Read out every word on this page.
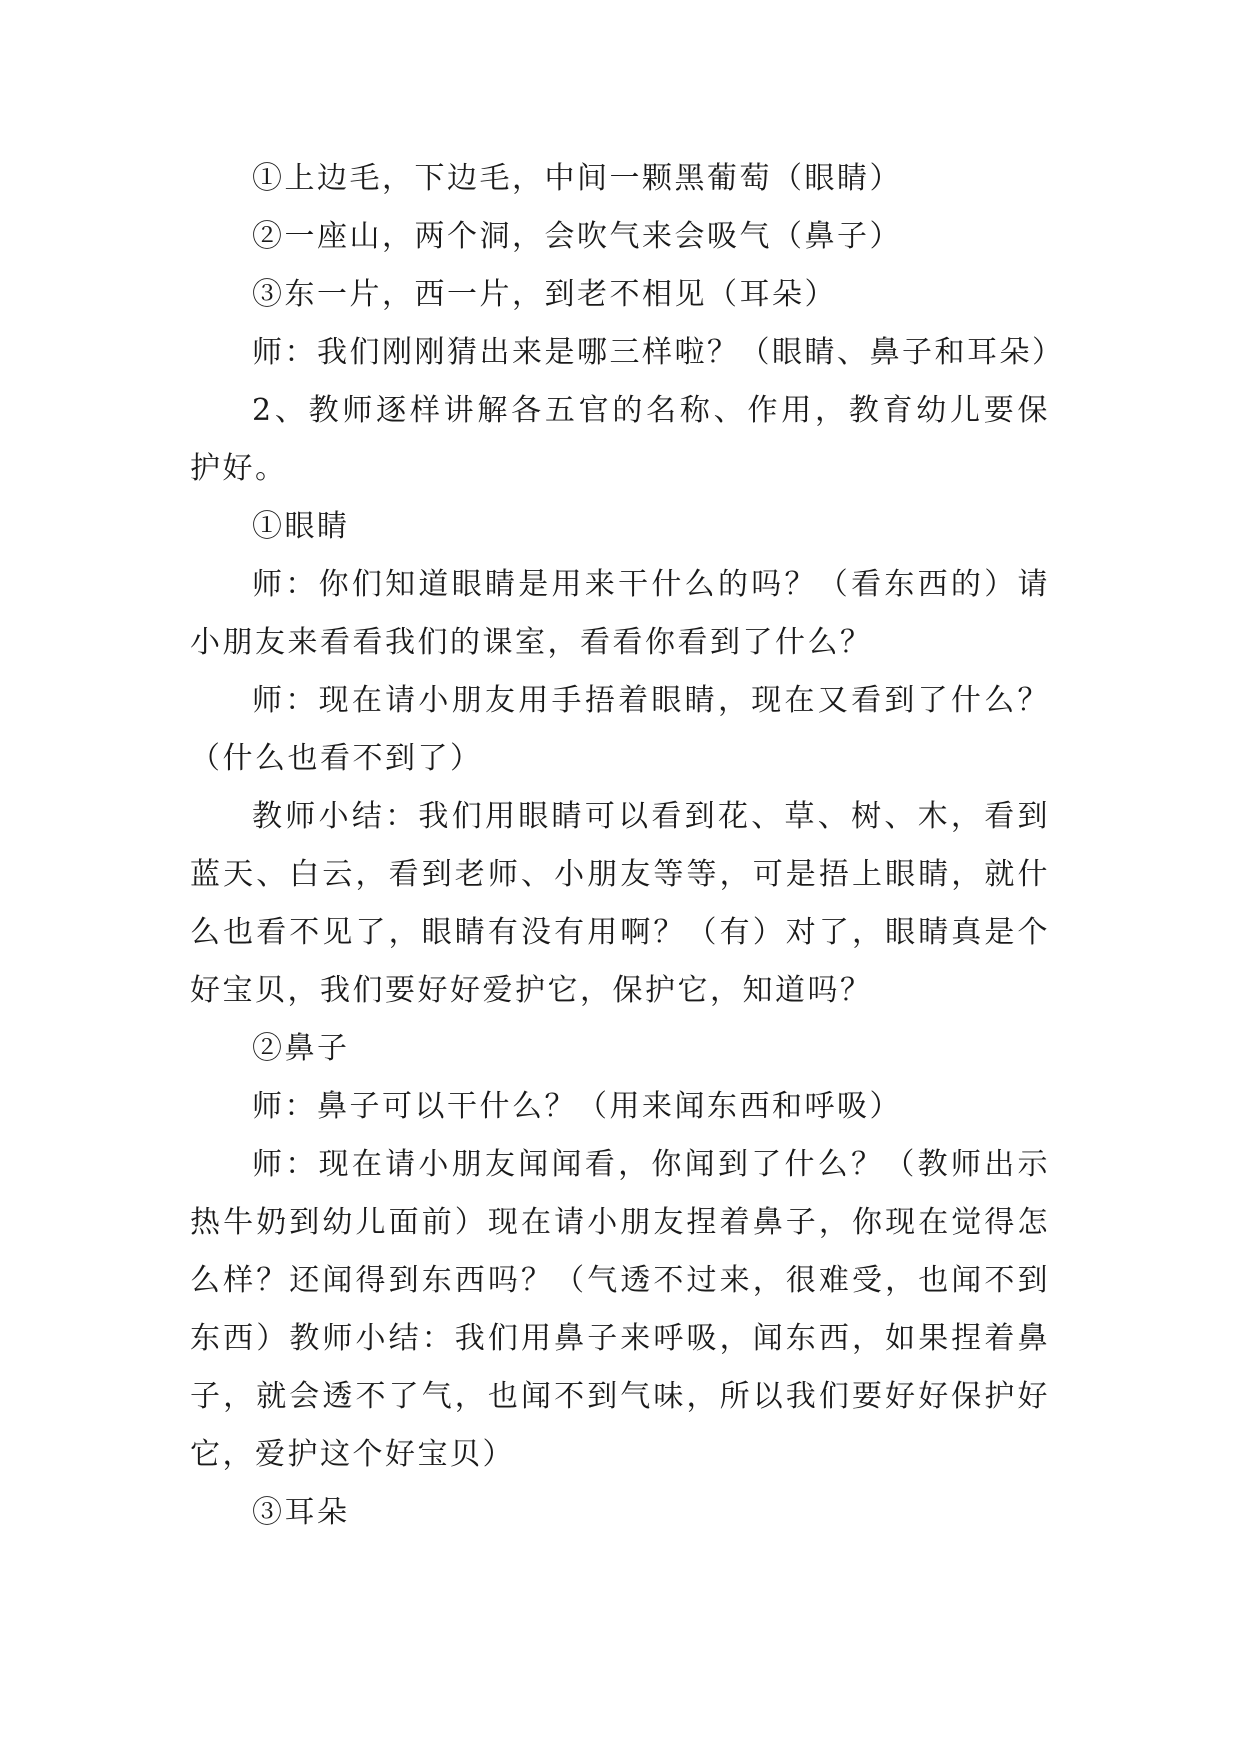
①上边毛，下边毛，中间一颗黑葡萄（眼睛）

②一座山，两个洞，会吹气来会吸气（鼻子）

③东一片，西一片，到老不相见（耳朵）

师：我们刚刚猜出来是哪三样啦？（眼睛、鼻子和耳朵）

2、教师逐样讲解各五官的名称、作用，教育幼儿要保护好。

①眼睛

师：你们知道眼睛是用来干什么的吗？（看东西的）请小朋友来看看我们的课室，看看你看到了什么？

师：现在请小朋友用手捂着眼睛，现在又看到了什么？（什么也看不到了）

教师小结：我们用眼睛可以看到花、草、树、木，看到蓝天、白云，看到老师、小朋友等等，可是捂上眼睛，就什么也看不见了，眼睛有没有用啊？（有）对了，眼睛真是个好宝贝，我们要好好爱护它，保护它，知道吗？

②鼻子

师：鼻子可以干什么？（用来闻东西和呼吸）

师：现在请小朋友闻闻看，你闻到了什么？（教师出示热牛奶到幼儿面前）现在请小朋友捏着鼻子，你现在觉得怎么样？还闻得到东西吗？（气透不过来，很难受，也闻不到东西）教师小结：我们用鼻子来呼吸，闻东西，如果捏着鼻子，就会透不了气，也闻不到气味，所以我们要好好保护好它，爱护这个好宝贝）

③耳朵
